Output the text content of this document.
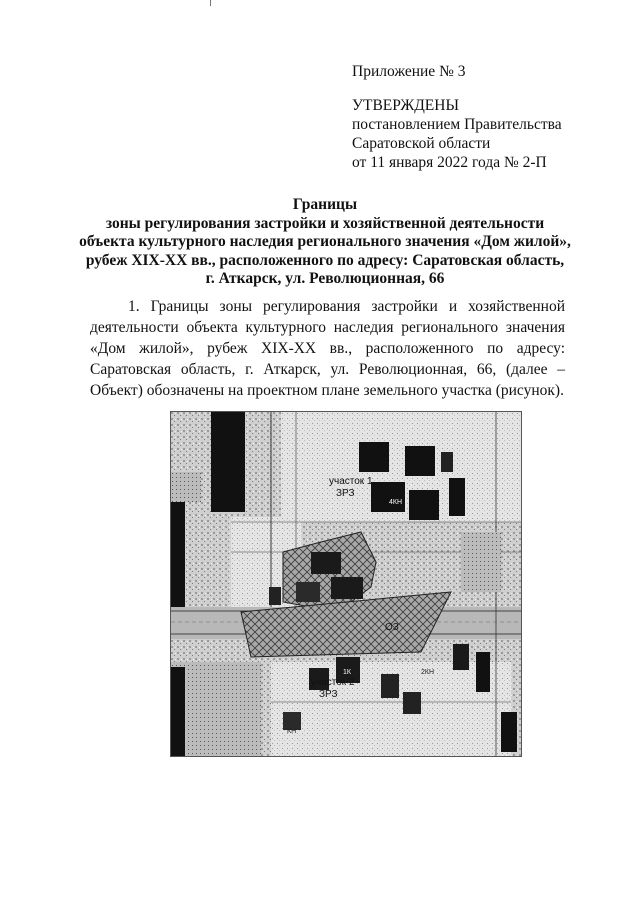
Приложение № 3
УТВЕРЖДЕНЫ
постановлением Правительства
Саратовской области
от 11 января 2022 года № 2-П
Границы
зоны регулирования застройки и хозяйственной деятельности
объекта культурного наследия регионального значения «Дом жилой»,
рубеж XIX-XX вв., расположенного по адресу: Саратовская область,
г. Аткарск, ул. Революционная, 66
1. Границы зоны регулирования застройки и хозяйственной деятельности объекта культурного наследия регионального значения «Дом жилой», рубеж XIX-XX вв., расположенного по адресу: Саратовская область, г. Аткарск, ул. Революционная, 66, (далее – Объект) обозначены на проектном плане земельного участка (рисунок).
участок 1
ЗРЗ
участок 2
ЗРЗ
ОЗ
КН
2КН
1К
4КН
